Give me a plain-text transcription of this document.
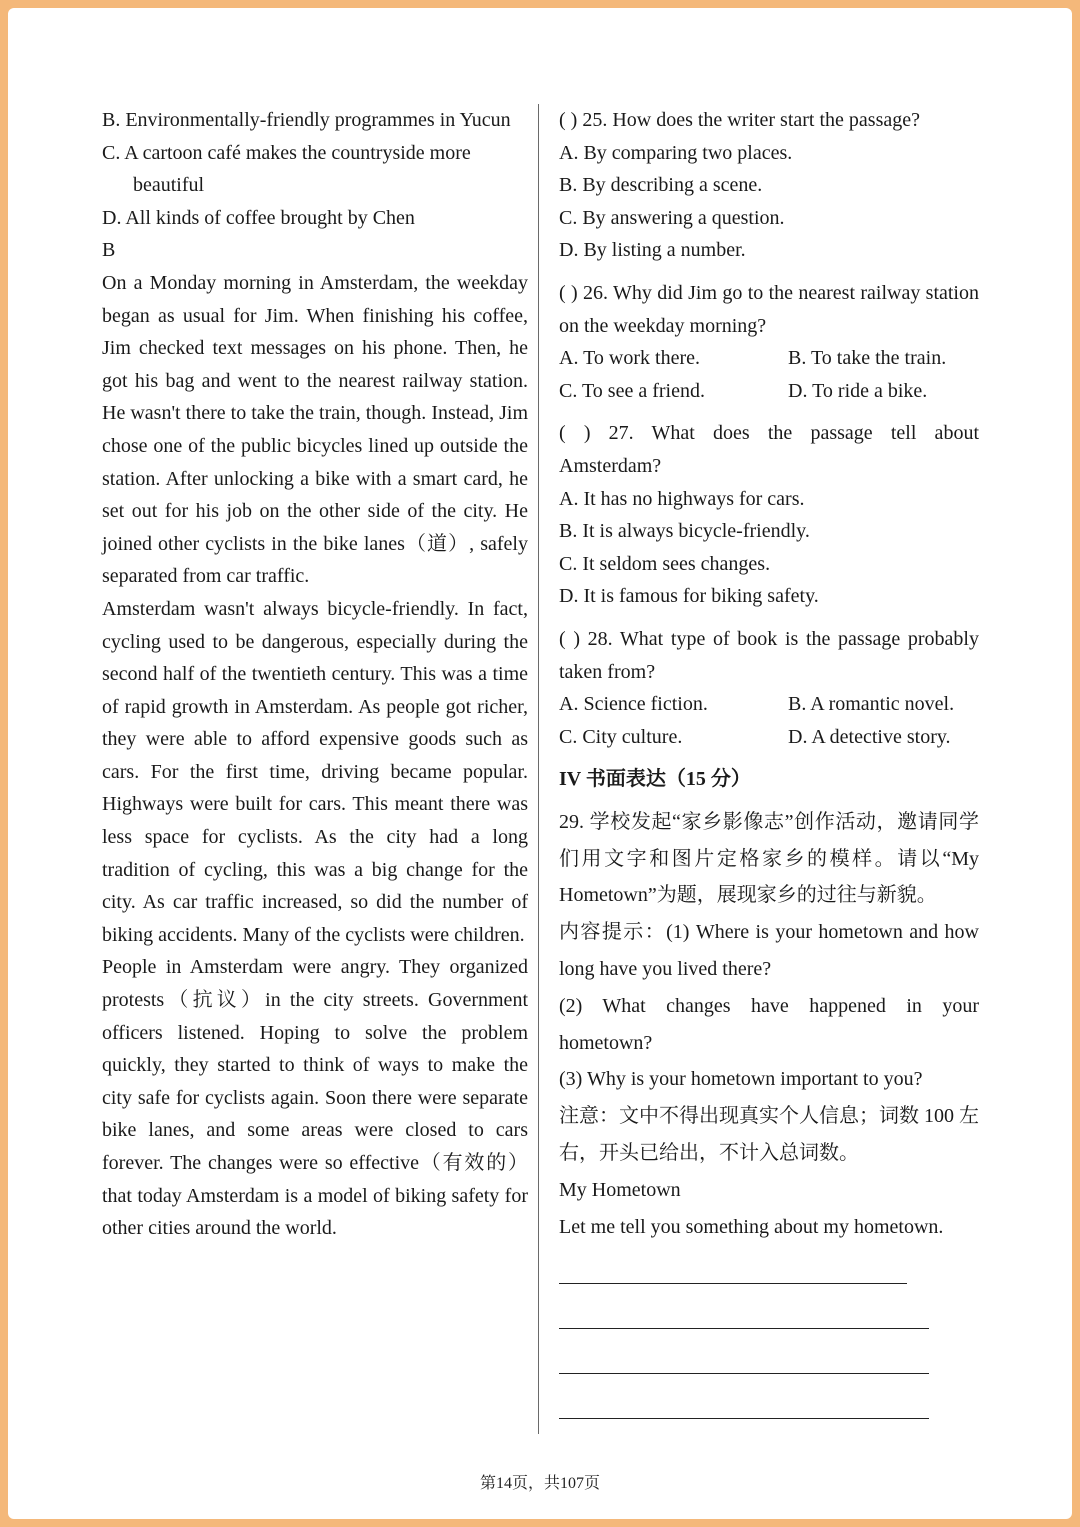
B. Environmentally-friendly programmes in Yucun

C. A cartoon café makes the countryside more beautiful

D. All kinds of coffee brought by Chen

B

On a Monday morning in Amsterdam, the weekday began as usual for Jim. When finishing his coffee, Jim checked text messages on his phone. Then, he got his bag and went to the nearest railway station. He wasn't there to take the train, though. Instead, Jim chose one of the public bicycles lined up outside the station. After unlocking a bike with a smart card, he set out for his job on the other side of the city. He joined other cyclists in the bike lanes（道）, safely separated from car traffic.

Amsterdam wasn't always bicycle-friendly. In fact, cycling used to be dangerous, especially during the second half of the twentieth century. This was a time of rapid growth in Amsterdam. As people got richer, they were able to afford expensive goods such as cars. For the first time, driving became popular. Highways were built for cars. This meant there was less space for cyclists. As the city had a long tradition of cycling, this was a big change for the city. As car traffic increased, so did the number of biking accidents. Many of the cyclists were children.

People in Amsterdam were angry. They organized protests（抗议）in the city streets. Government officers listened. Hoping to solve the problem quickly, they started to think of ways to make the city safe for cyclists again. Soon there were separate bike lanes, and some areas were closed to cars forever. The changes were so effective（有效的）that today Amsterdam is a model of biking safety for other cities around the world.

( ) 25. How does the writer start the passage?

A. By comparing two places.

B. By describing a scene.

C. By answering a question.

D. By listing a number.

( ) 26. Why did Jim go to the nearest railway station on the weekday morning?

A. To work there.	B. To take the train.
C. To see a friend.	D. To ride a bike.

( ) 27. What does the passage tell about Amsterdam?

A. It has no highways for cars.

B. It is always bicycle-friendly.

C. It seldom sees changes.

D. It is famous for biking safety.

( ) 28. What type of book is the passage probably taken from?

A. Science fiction.	B. A romantic novel.
C. City culture.	D. A detective story.

IV 书面表达（15 分）

29. 学校发起“家乡影像志”创作活动，邀请同学们用文字和图片定格家乡的模样。请以“My Hometown”为题，展现家乡的过往与新貌。

内容提示：(1) Where is your hometown and how long have you lived there?

(2) What changes have happened in your hometown?

(3) Why is your hometown important to you?

注意：文中不得出现真实个人信息；词数 100 左右，开头已给出，不计入总词数。

My Hometown

Let me tell you something about my hometown.

第14页，共107页
